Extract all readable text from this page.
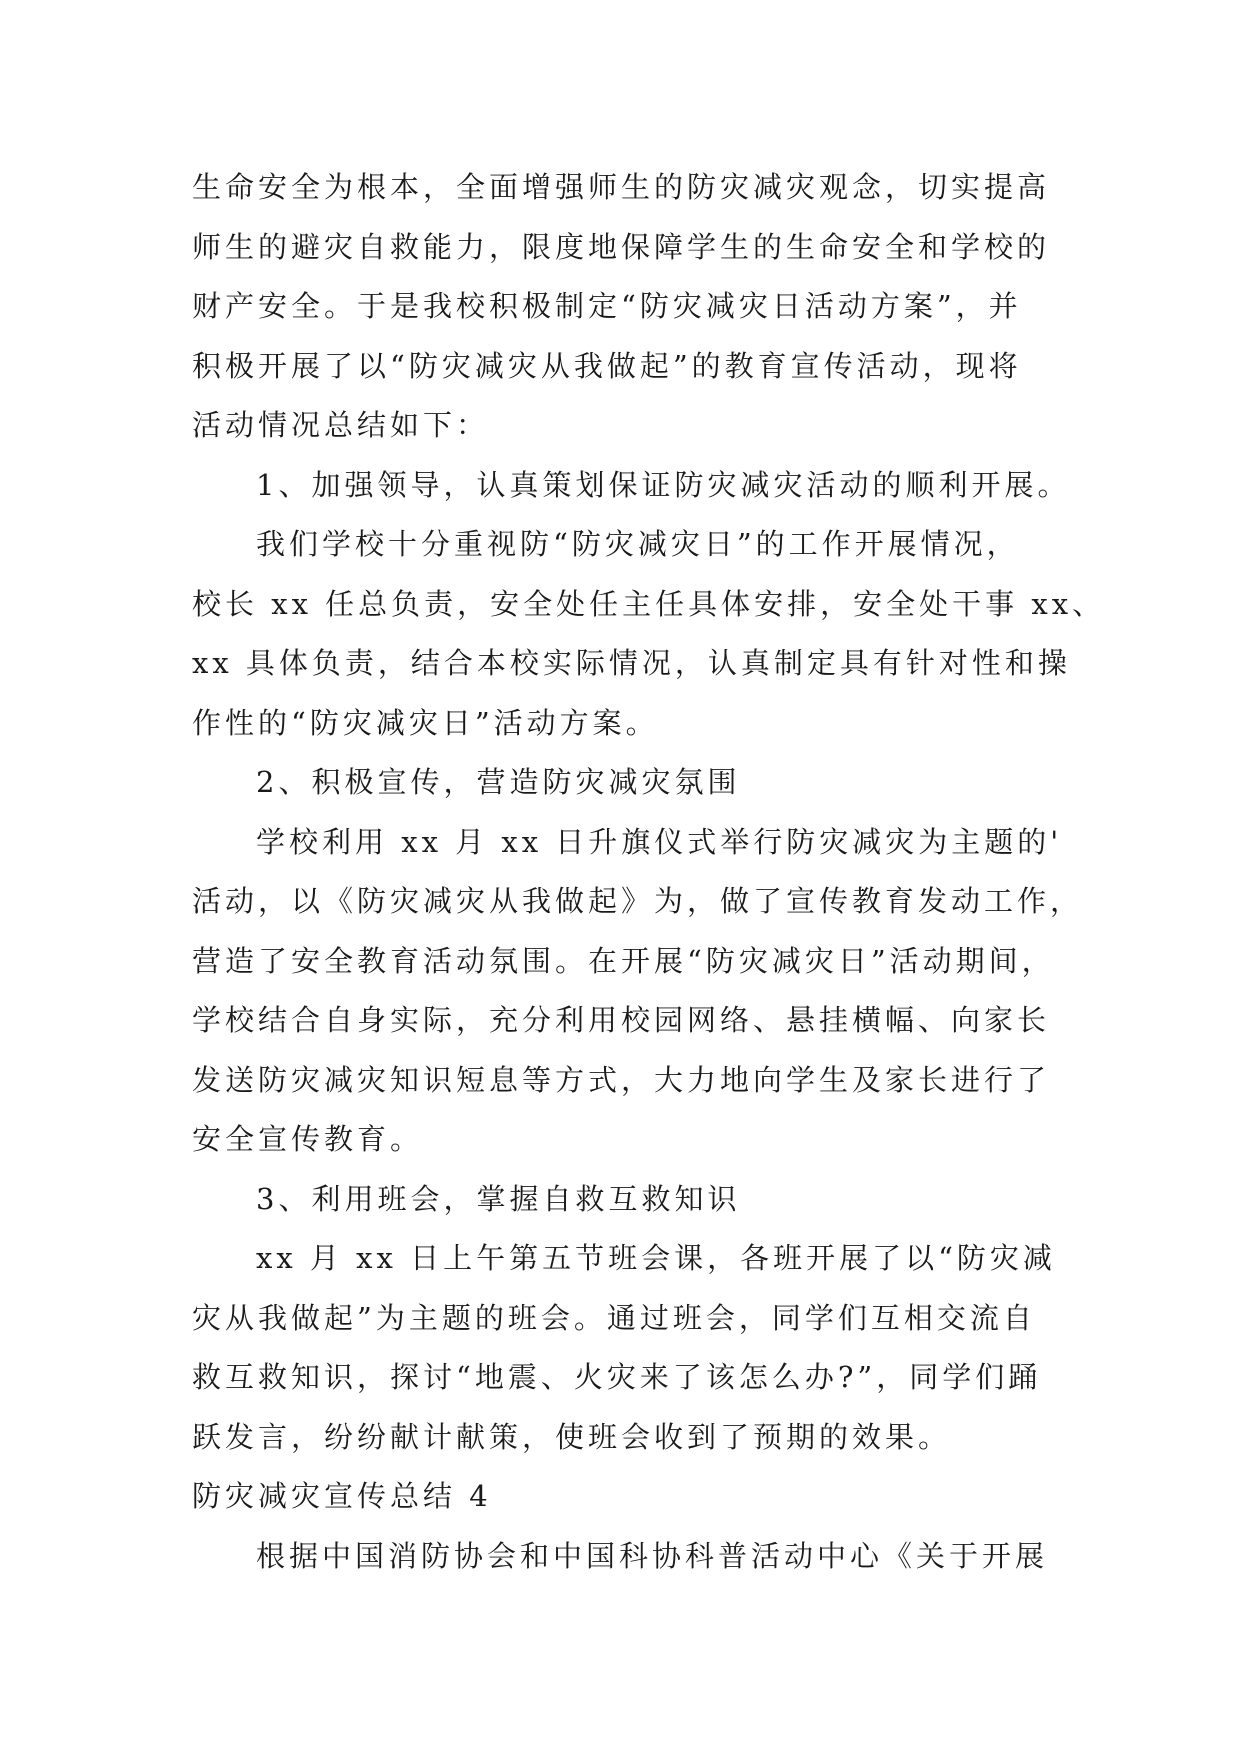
生命安全为根本，全面增强师生的防灾减灾观念，切实提高
师生的避灾自救能力，限度地保障学生的生命安全和学校的
财产安全。于是我校积极制定“防灾减灾日活动方案”，并
积极开展了以“防灾减灾从我做起”的教育宣传活动，现将
活动情况总结如下：
1、加强领导，认真策划保证防灾减灾活动的顺利开展。
我们学校十分重视防“防灾减灾日”的工作开展情况，
校长 xx 任总负责，安全处任主任具体安排，安全处干事 xx、
xx 具体负责，结合本校实际情况，认真制定具有针对性和操
作性的“防灾减灾日”活动方案。
2、积极宣传，营造防灾减灾氛围
学校利用 xx 月 xx 日升旗仪式举行防灾减灾为主题的'
活动，以《防灾减灾从我做起》为，做了宣传教育发动工作，
营造了安全教育活动氛围。在开展“防灾减灾日”活动期间，
学校结合自身实际，充分利用校园网络、悬挂横幅、向家长
发送防灾减灾知识短息等方式，大力地向学生及家长进行了
安全宣传教育。
3、利用班会，掌握自救互救知识
xx 月 xx 日上午第五节班会课，各班开展了以“防灾减
灾从我做起”为主题的班会。通过班会，同学们互相交流自
救互救知识，探讨“地震、火灾来了该怎么办?”，同学们踊
跃发言，纷纷献计献策，使班会收到了预期的效果。
防灾减灾宣传总结 4
根据中国消防协会和中国科协科普活动中心《关于开展
